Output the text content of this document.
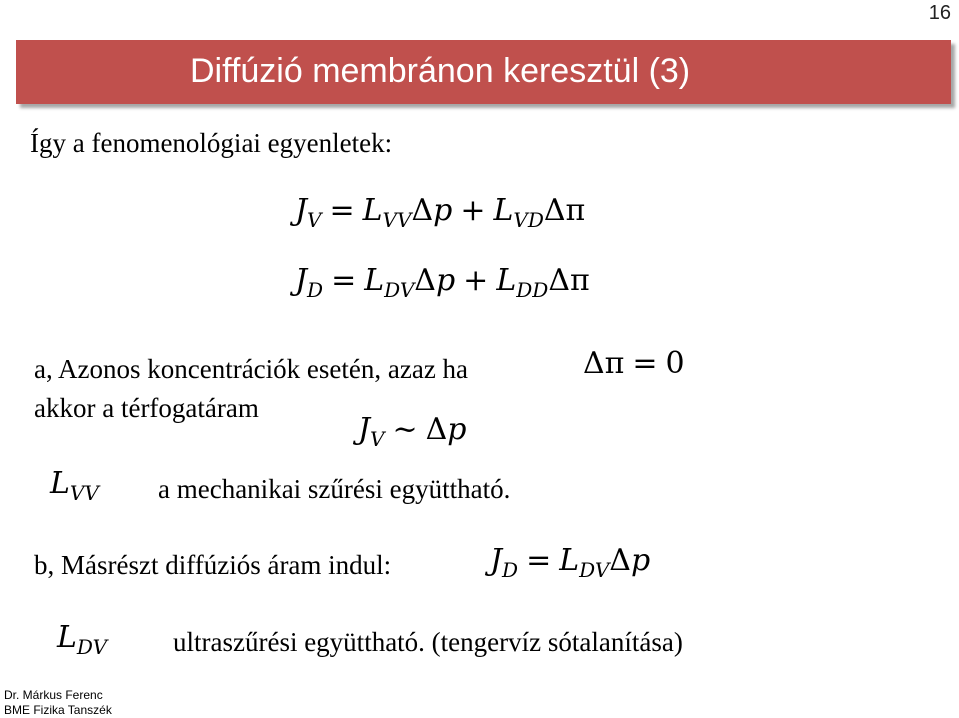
16
Diffúzió membránon keresztül (3)
Így a fenomenológiai egyenletek:
$J_V = L_{VV}\Delta p + L_{VD}\Delta\pi$
$J_D = L_{DV}\Delta p + L_{DD}\Delta\pi$
a, Azonos koncentrációk esetén, azaz ha	Δπ = 0
akkor a térfogatáram
$J_V$ ~ Δp
$L_{VV}$ a mechanikai szűrési együttható.
b, Másrészt diffúziós áram indul:	$J_D = L_{DV}\Delta p$
$L_{DV}$ ultraszűrési együttható. (tengervíz sótalanítása)
Dr. Márkus Ferenc
BME Fizika Tanszék
